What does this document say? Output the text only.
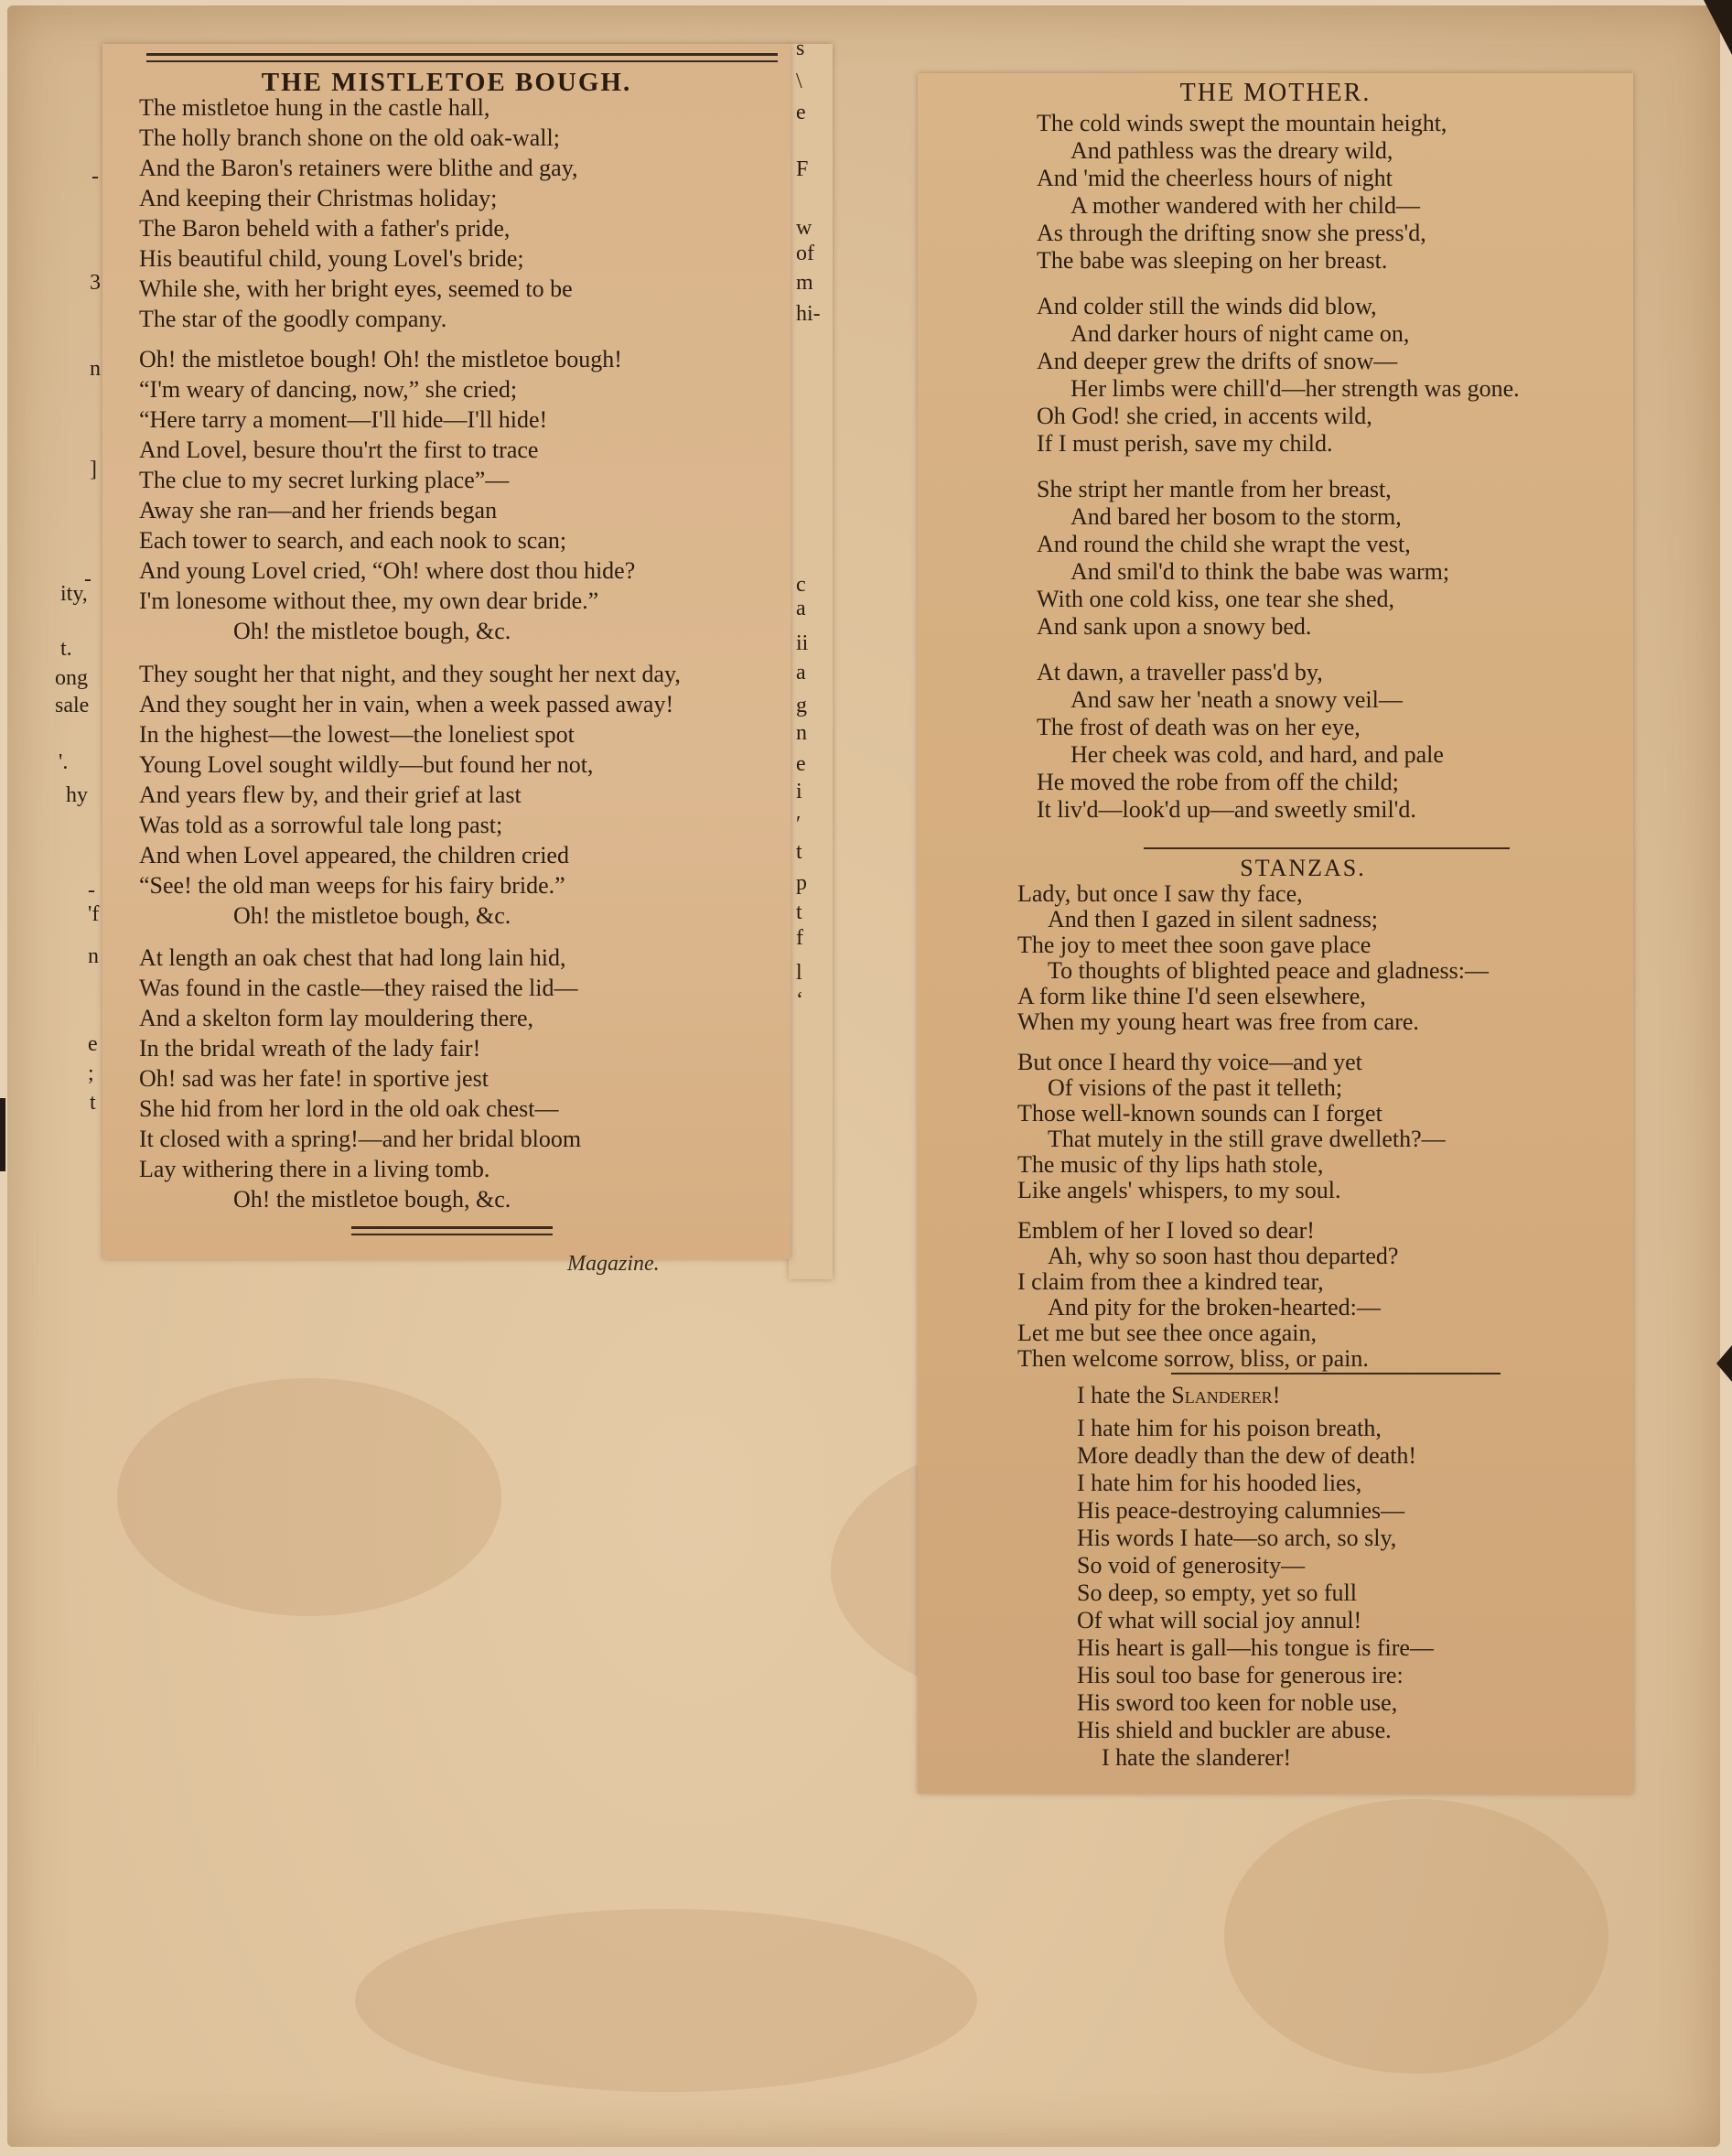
-
3
n
]
-
ity,
t.
ong
sale
'.
hy
-
'f
n
e
;
t
s
\
e
F
w
of
m
hi-
c
a
ii
a
g
n
e
i
′
t
p
t
f
l
‘
THE MISTLETOE BOUGH.
The mistletoe hung in the castle hall,
The holly branch shone on the old oak-wall;
And the Baron's retainers were blithe and gay,
And keeping their Christmas holiday;
The Baron beheld with a father's pride,
His beautiful child, young Lovel's bride;
While she, with her bright eyes, seemed to be
The star of the goodly company.
Oh! the mistletoe bough! Oh! the mistletoe bough!
“I'm weary of dancing, now,” she cried;
“Here tarry a moment—I'll hide—I'll hide!
And Lovel, besure thou'rt the first to trace
The clue to my secret lurking place”—
Away she ran—and her friends began
Each tower to search, and each nook to scan;
And young Lovel cried, “Oh! where dost thou hide?
I'm lonesome without thee, my own dear bride.”
Oh! the mistletoe bough, &c.
They sought her that night, and they sought her next day,
And they sought her in vain, when a week passed away!
In the highest—the lowest—the loneliest spot
Young Lovel sought wildly—but found her not,
And years flew by, and their grief at last
Was told as a sorrowful tale long past;
And when Lovel appeared, the children cried
“See! the old man weeps for his fairy bride.”
Oh! the mistletoe bough, &c.
At length an oak chest that had long lain hid,
Was found in the castle—they raised the lid—
And a skelton form lay mouldering there,
In the bridal wreath of the lady fair!
Oh! sad was her fate! in sportive jest
She hid from her lord in the old oak chest—
It closed with a spring!—and her bridal bloom
Lay withering there in a living tomb.
Oh! the mistletoe bough, &c.
Magazine.
THE MOTHER.
The cold winds swept the mountain height,
And pathless was the dreary wild,
And 'mid the cheerless hours of night
A mother wandered with her child—
As through the drifting snow she press'd,
The babe was sleeping on her breast.
And colder still the winds did blow,
And darker hours of night came on,
And deeper grew the drifts of snow—
Her limbs were chill'd—her strength was gone.
Oh God! she cried, in accents wild,
If I must perish, save my child.
She stript her mantle from her breast,
And bared her bosom to the storm,
And round the child she wrapt the vest,
And smil'd to think the babe was warm;
With one cold kiss, one tear she shed,
And sank upon a snowy bed.
At dawn, a traveller pass'd by,
And saw her 'neath a snowy veil—
The frost of death was on her eye,
Her cheek was cold, and hard, and pale
He moved the robe from off the child;
It liv'd—look'd up—and sweetly smil'd.
STANZAS.
Lady, but once I saw thy face,
And then I gazed in silent sadness;
The joy to meet thee soon gave place
To thoughts of blighted peace and gladness:—
A form like thine I'd seen elsewhere,
When my young heart was free from care.
But once I heard thy voice—and yet
Of visions of the past it telleth;
Those well-known sounds can I forget
That mutely in the still grave dwelleth?—
The music of thy lips hath stole,
Like angels' whispers, to my soul.
Emblem of her I loved so dear!
Ah, why so soon hast thou departed?
I claim from thee a kindred tear,
And pity for the broken-hearted:—
Let me but see thee once again,
Then welcome sorrow, bliss, or pain.
I hate the Slanderer!
I hate him for his poison breath,
More deadly than the dew of death!
I hate him for his hooded lies,
His peace-destroying calumnies—
His words I hate—so arch, so sly,
So void of generosity—
So deep, so empty, yet so full
Of what will social joy annul!
His heart is gall—his tongue is fire—
His soul too base for generous ire:
His sword too keen for noble use,
His shield and buckler are abuse.
I hate the slanderer!
